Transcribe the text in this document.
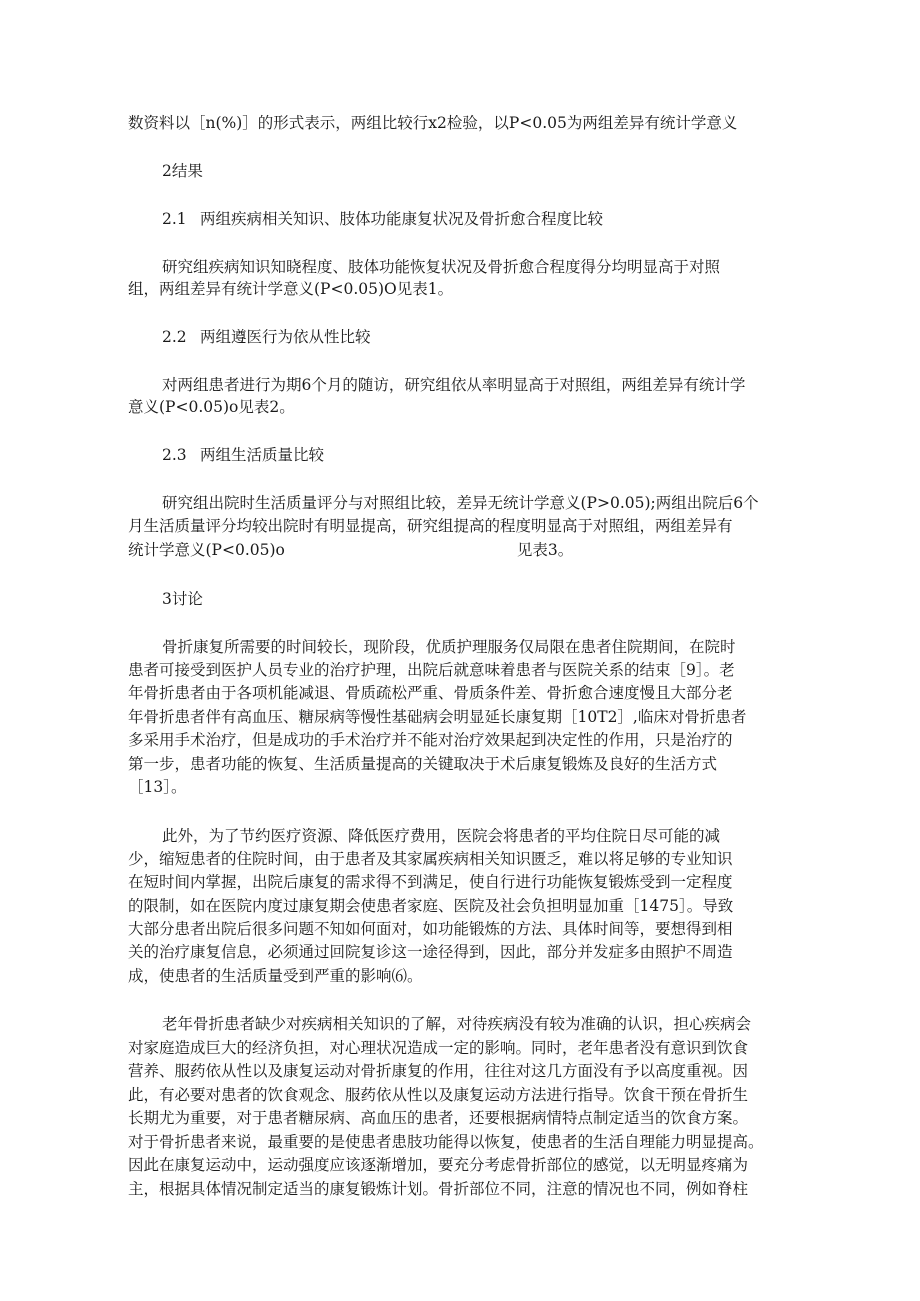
数资料以［n(%)］的形式表示，两组比较行x2检验，以P<0.05为两组差异有统计学意义
2结果
2.1 两组疾病相关知识、肢体功能康复状况及骨折愈合程度比较
研究组疾病知识知晓程度、肢体功能恢复状况及骨折愈合程度得分均明显高于对照
组，两组差异有统计学意义(P<0.05)O见表1。
2.2 两组遵医行为依从性比较
对两组患者进行为期6个月的随访，研究组依从率明显高于对照组，两组差异有统计学
意义(P<0.05)o见表2。
2.3 两组生活质量比较
研究组出院时生活质量评分与对照组比较，差异无统计学意义(P>0.05);两组出院后6个
月生活质量评分均较出院时有明显提高，研究组提高的程度明显高于对照组，两组差异有
统计学意义(P<0.05)o	见表3。
3讨论
骨折康复所需要的时间较长，现阶段，优质护理服务仅局限在患者住院期间，在院时
患者可接受到医护人员专业的治疗护理，出院后就意味着患者与医院关系的结束［9］。老
年骨折患者由于各项机能减退、骨质疏松严重、骨质条件差、骨折愈合速度慢且大部分老
年骨折患者伴有高血压、糖尿病等慢性基础病会明显延长康复期［10T2］,临床对骨折患者
多采用手术治疗，但是成功的手术治疗并不能对治疗效果起到决定性的作用，只是治疗的
第一步，患者功能的恢复、生活质量提高的关键取决于术后康复锻炼及良好的生活方式
［13］。
此外，为了节约医疗资源、降低医疗费用，医院会将患者的平均住院日尽可能的减
少，缩短患者的住院时间，由于患者及其家属疾病相关知识匮乏，难以将足够的专业知识
在短时间内掌握，出院后康复的需求得不到满足，使自行进行功能恢复锻炼受到一定程度
的限制，如在医院内度过康复期会使患者家庭、医院及社会负担明显加重［1475］。导致
大部分患者出院后很多问题不知如何面对，如功能锻炼的方法、具体时间等，要想得到相
关的治疗康复信息，必须通过回院复诊这一途径得到，因此，部分并发症多由照护不周造
成，使患者的生活质量受到严重的影响⑹。
老年骨折患者缺少对疾病相关知识的了解，对待疾病没有较为准确的认识，担心疾病会
对家庭造成巨大的经济负担，对心理状况造成一定的影响。同时，老年患者没有意识到饮食
营养、服药依从性以及康复运动对骨折康复的作用，往往对这几方面没有予以高度重视。因
此，有必要对患者的饮食观念、服药依从性以及康复运动方法进行指导。饮食干预在骨折生
长期尤为重要，对于患者糖尿病、高血压的患者，还要根据病情特点制定适当的饮食方案。
对于骨折患者来说，最重要的是使患者患肢功能得以恢复，使患者的生活自理能力明显提高。
因此在康复运动中，运动强度应该逐渐增加，要充分考虑骨折部位的感觉，以无明显疼痛为
主，根据具体情况制定适当的康复锻炼计划。骨折部位不同，注意的情况也不同，例如脊柱
